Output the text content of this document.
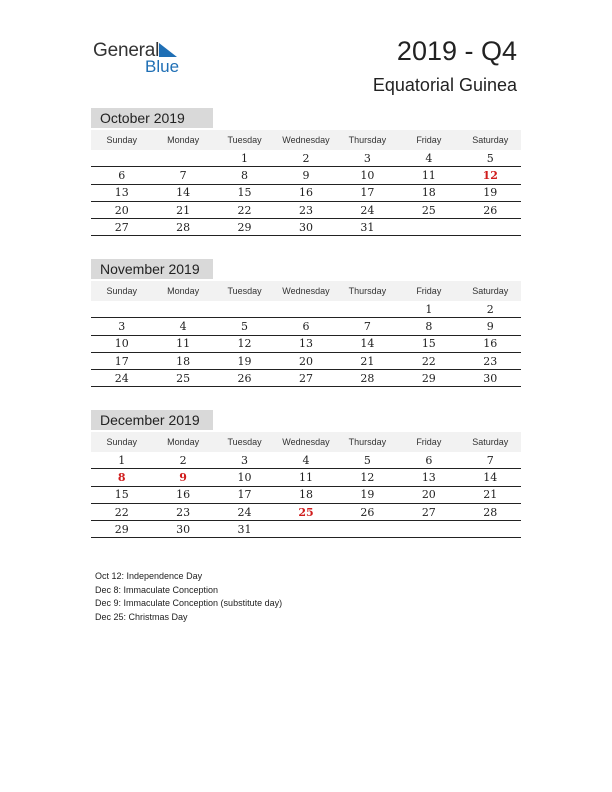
General
Blue
2019 - Q4
Equatorial Guinea
October 2019
Sunday	Monday	Tuesday	Wednesday	Thursday	Friday	Saturday
		1	2	3	4	5
6	7	8	9	10	11	12
13	14	15	16	17	18	19
20	21	22	23	24	25	26
27	28	29	30	31		
November 2019
Sunday	Monday	Tuesday	Wednesday	Thursday	Friday	Saturday
					1	2
3	4	5	6	7	8	9
10	11	12	13	14	15	16
17	18	19	20	21	22	23
24	25	26	27	28	29	30
December 2019
Sunday	Monday	Tuesday	Wednesday	Thursday	Friday	Saturday
1	2	3	4	5	6	7
8	9	10	11	12	13	14
15	16	17	18	19	20	21
22	23	24	25	26	27	28
29	30	31				
Oct 12: Independence Day
Dec 8: Immaculate Conception
Dec 9: Immaculate Conception (substitute day)
Dec 25: Christmas Day
